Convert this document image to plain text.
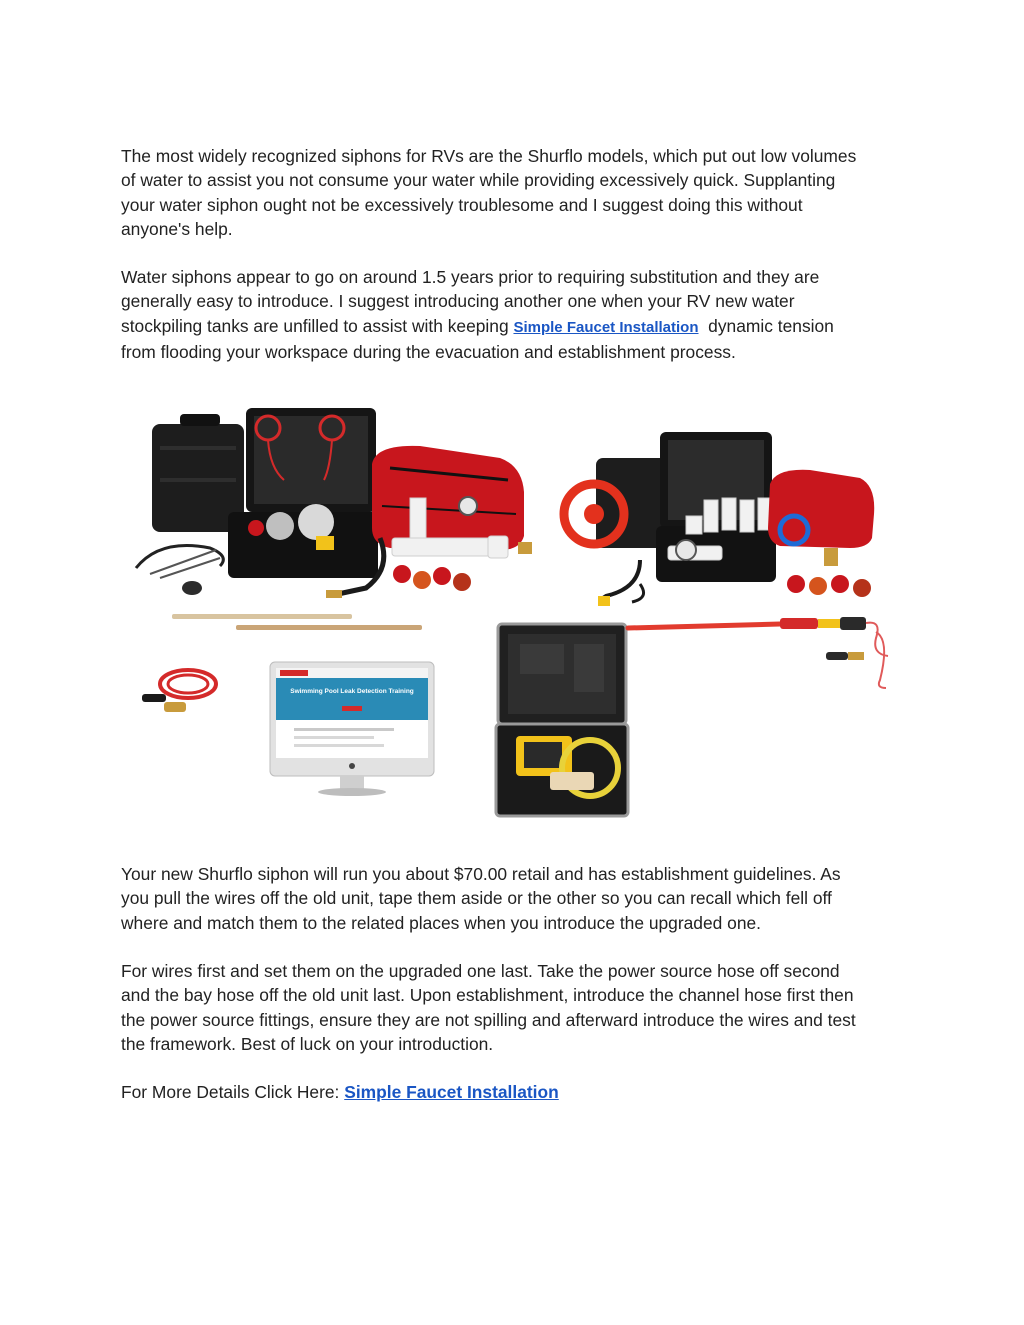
The most widely recognized siphons for RVs are the Shurflo models, which put out low volumes
of water to assist you not consume your water while providing excessively quick. Supplanting
your water siphon ought not be excessively troublesome and I suggest doing this without
anyone's help.

Water siphons appear to go on around 1.5 years prior to requiring substitution and they are
generally easy to introduce. I suggest introducing another one when your RV new water
stockpiling tanks are unfilled to assist with keeping Simple Faucet Installation  dynamic tension
from flooding your workspace during the evacuation and establishment process.

Swimming Pool Leak Detection Training

Your new Shurflo siphon will run you about $70.00 retail and has establishment guidelines. As
you pull the wires off the old unit, tape them aside or the other so you can recall which fell off
where and match them to the related places when you introduce the upgraded one.

For wires first and set them on the upgraded one last. Take the power source hose off second
and the bay hose off the old unit last. Upon establishment, introduce the channel hose first then
the power source fittings, ensure they are not spilling and afterward introduce the wires and test
the framework. Best of luck on your introduction.

For More Details Click Here: Simple Faucet Installation
